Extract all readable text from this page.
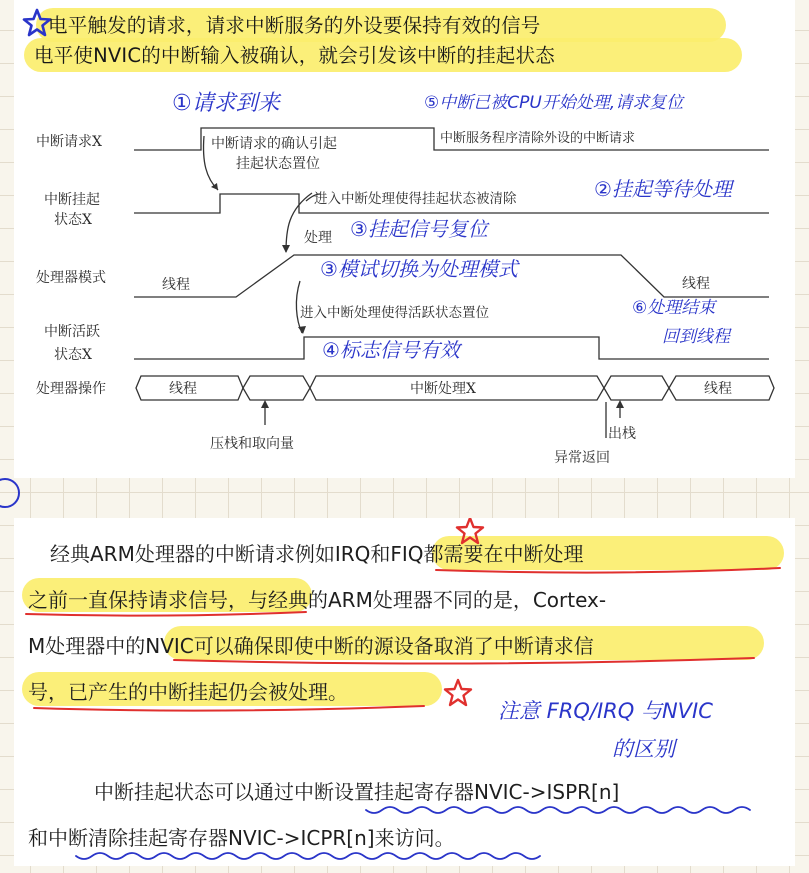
电平触发的请求，请求中断服务的外设要保持有效的信号
电平使NVIC的中断输入被确认，就会引发该中断的挂起状态
中断请求X
中断挂起
状态X
处理器模式
中断活跃
状态X
处理器操作
中断请求的确认引起
挂起状态置位
中断服务程序清除外设的中断请求
进入中断处理使得挂起状态被清除
处理
线程	线程
进入中断处理使得活跃状态置位
线程	中断处理X	线程
压栈和取向量
异常返回
出栈
①请求到来	⑤中断已被CPU开始处理,请求复位
②挂起等待处理
③挂起信号复位
③模试切换为处理模式
④标志信号有效
⑥处理结束
回到线程
经典ARM处理器的中断请求例如IRQ和FIQ都需要在中断处理
之前一直保持请求信号，与经典的ARM处理器不同的是，Cortex-
M处理器中的NVIC可以确保即使中断的源设备取消了中断请求信
号，已产生的中断挂起仍会被处理。
中断挂起状态可以通过中断设置挂起寄存器NVIC->ISPR[n]
和中断清除挂起寄存器NVIC->ICPR[n]来访问。
注意 FRQ/IRQ 与NVIC
的区别
